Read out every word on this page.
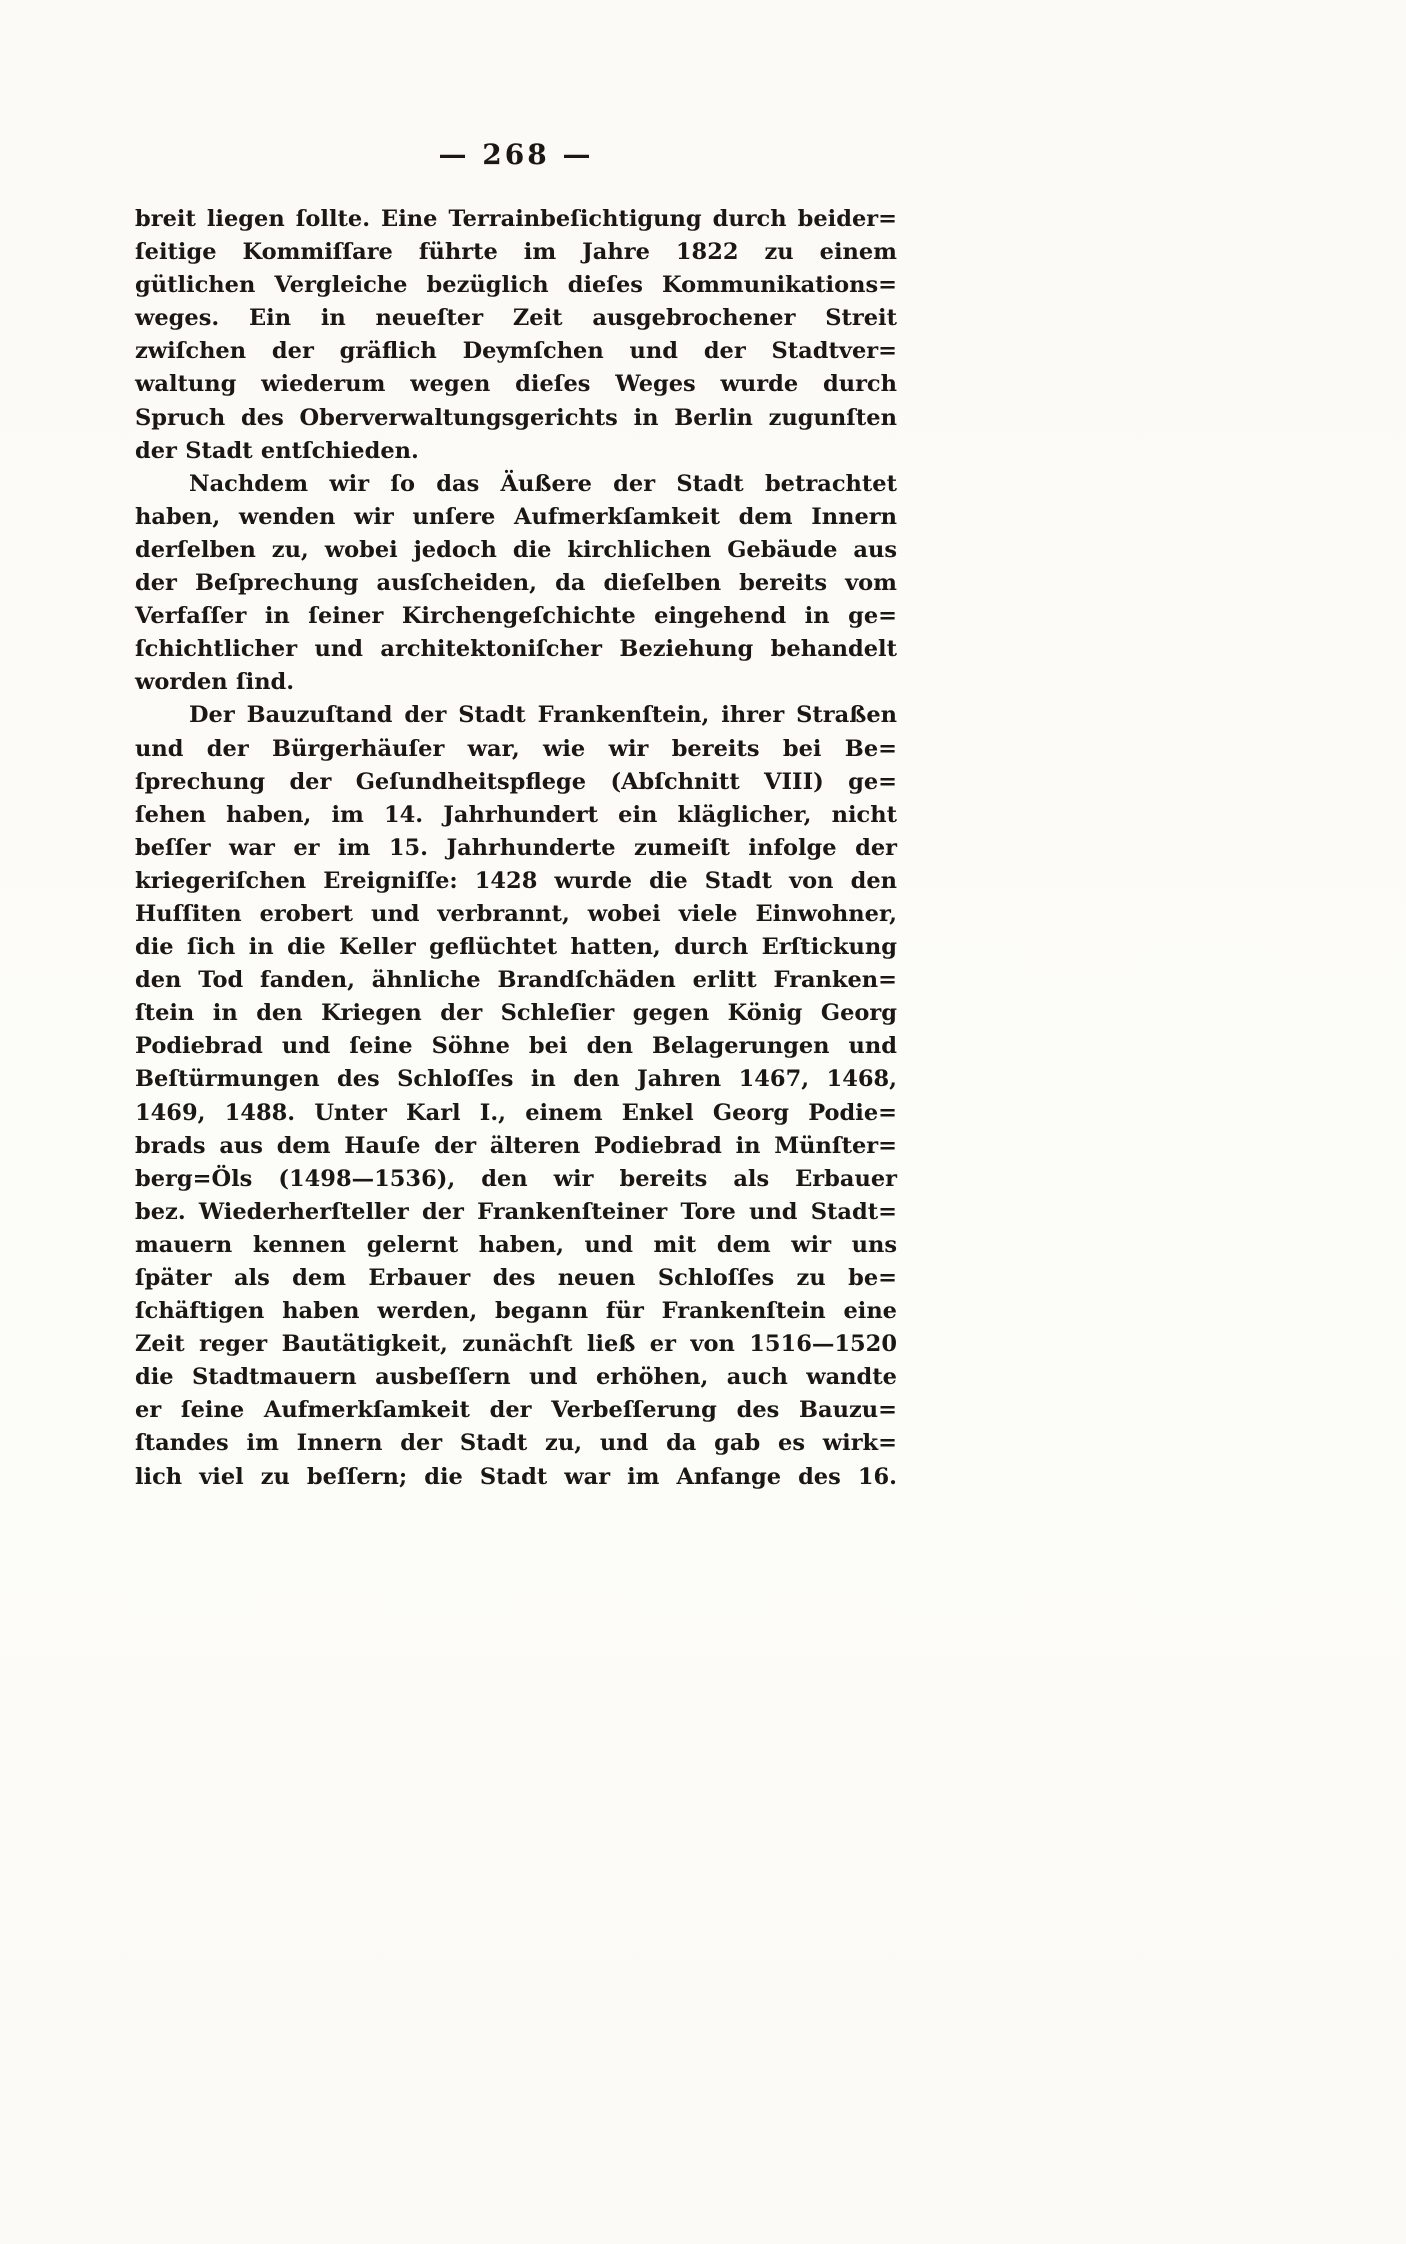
— 268 —
breit liegen ſollte. Eine Terrainbeſichtigung durch beider=
ſeitige Kommiſſare führte im Jahre 1822 zu einem
gütlichen Vergleiche bezüglich dieſes Kommunikations=
weges. Ein in neueſter Zeit ausgebrochener Streit
zwiſchen der gräflich Deymſchen und der Stadtver=
waltung wiederum wegen dieſes Weges wurde durch
Spruch des Oberverwaltungsgerichts in Berlin zugunſten
der Stadt entſchieden.
Nachdem wir ſo das Äußere der Stadt betrachtet
haben, wenden wir unſere Aufmerkſamkeit dem Innern
derſelben zu, wobei jedoch die kirchlichen Gebäude aus
der Beſprechung ausſcheiden, da dieſelben bereits vom
Verfaſſer in ſeiner Kirchengeſchichte eingehend in ge=
ſchichtlicher und architektoniſcher Beziehung behandelt
worden ſind.
Der Bauzuſtand der Stadt Frankenſtein, ihrer Straßen
und der Bürgerhäuſer war, wie wir bereits bei Be=
ſprechung der Geſundheitspflege (Abſchnitt VIII) ge=
ſehen haben, im 14. Jahrhundert ein kläglicher, nicht
beſſer war er im 15. Jahrhunderte zumeiſt infolge der
kriegeriſchen Ereigniſſe: 1428 wurde die Stadt von den
Huſſiten erobert und verbrannt, wobei viele Einwohner,
die ſich in die Keller geflüchtet hatten, durch Erſtickung
den Tod fanden, ähnliche Brandſchäden erlitt Franken=
ſtein in den Kriegen der Schleſier gegen König Georg
Podiebrad und ſeine Söhne bei den Belagerungen und
Beſtürmungen des Schloſſes in den Jahren 1467, 1468,
1469, 1488. Unter Karl I., einem Enkel Georg Podie=
brads aus dem Hauſe der älteren Podiebrad in Münſter=
berg=Öls (1498—1536), den wir bereits als Erbauer
bez. Wiederherſteller der Frankenſteiner Tore und Stadt=
mauern kennen gelernt haben, und mit dem wir uns
ſpäter als dem Erbauer des neuen Schloſſes zu be=
ſchäftigen haben werden, begann für Frankenſtein eine
Zeit reger Bautätigkeit, zunächſt ließ er von 1516—1520
die Stadtmauern ausbeſſern und erhöhen, auch wandte
er ſeine Aufmerkſamkeit der Verbeſſerung des Bauzu=
ſtandes im Innern der Stadt zu, und da gab es wirk=
lich viel zu beſſern; die Stadt war im Anfange des 16.
